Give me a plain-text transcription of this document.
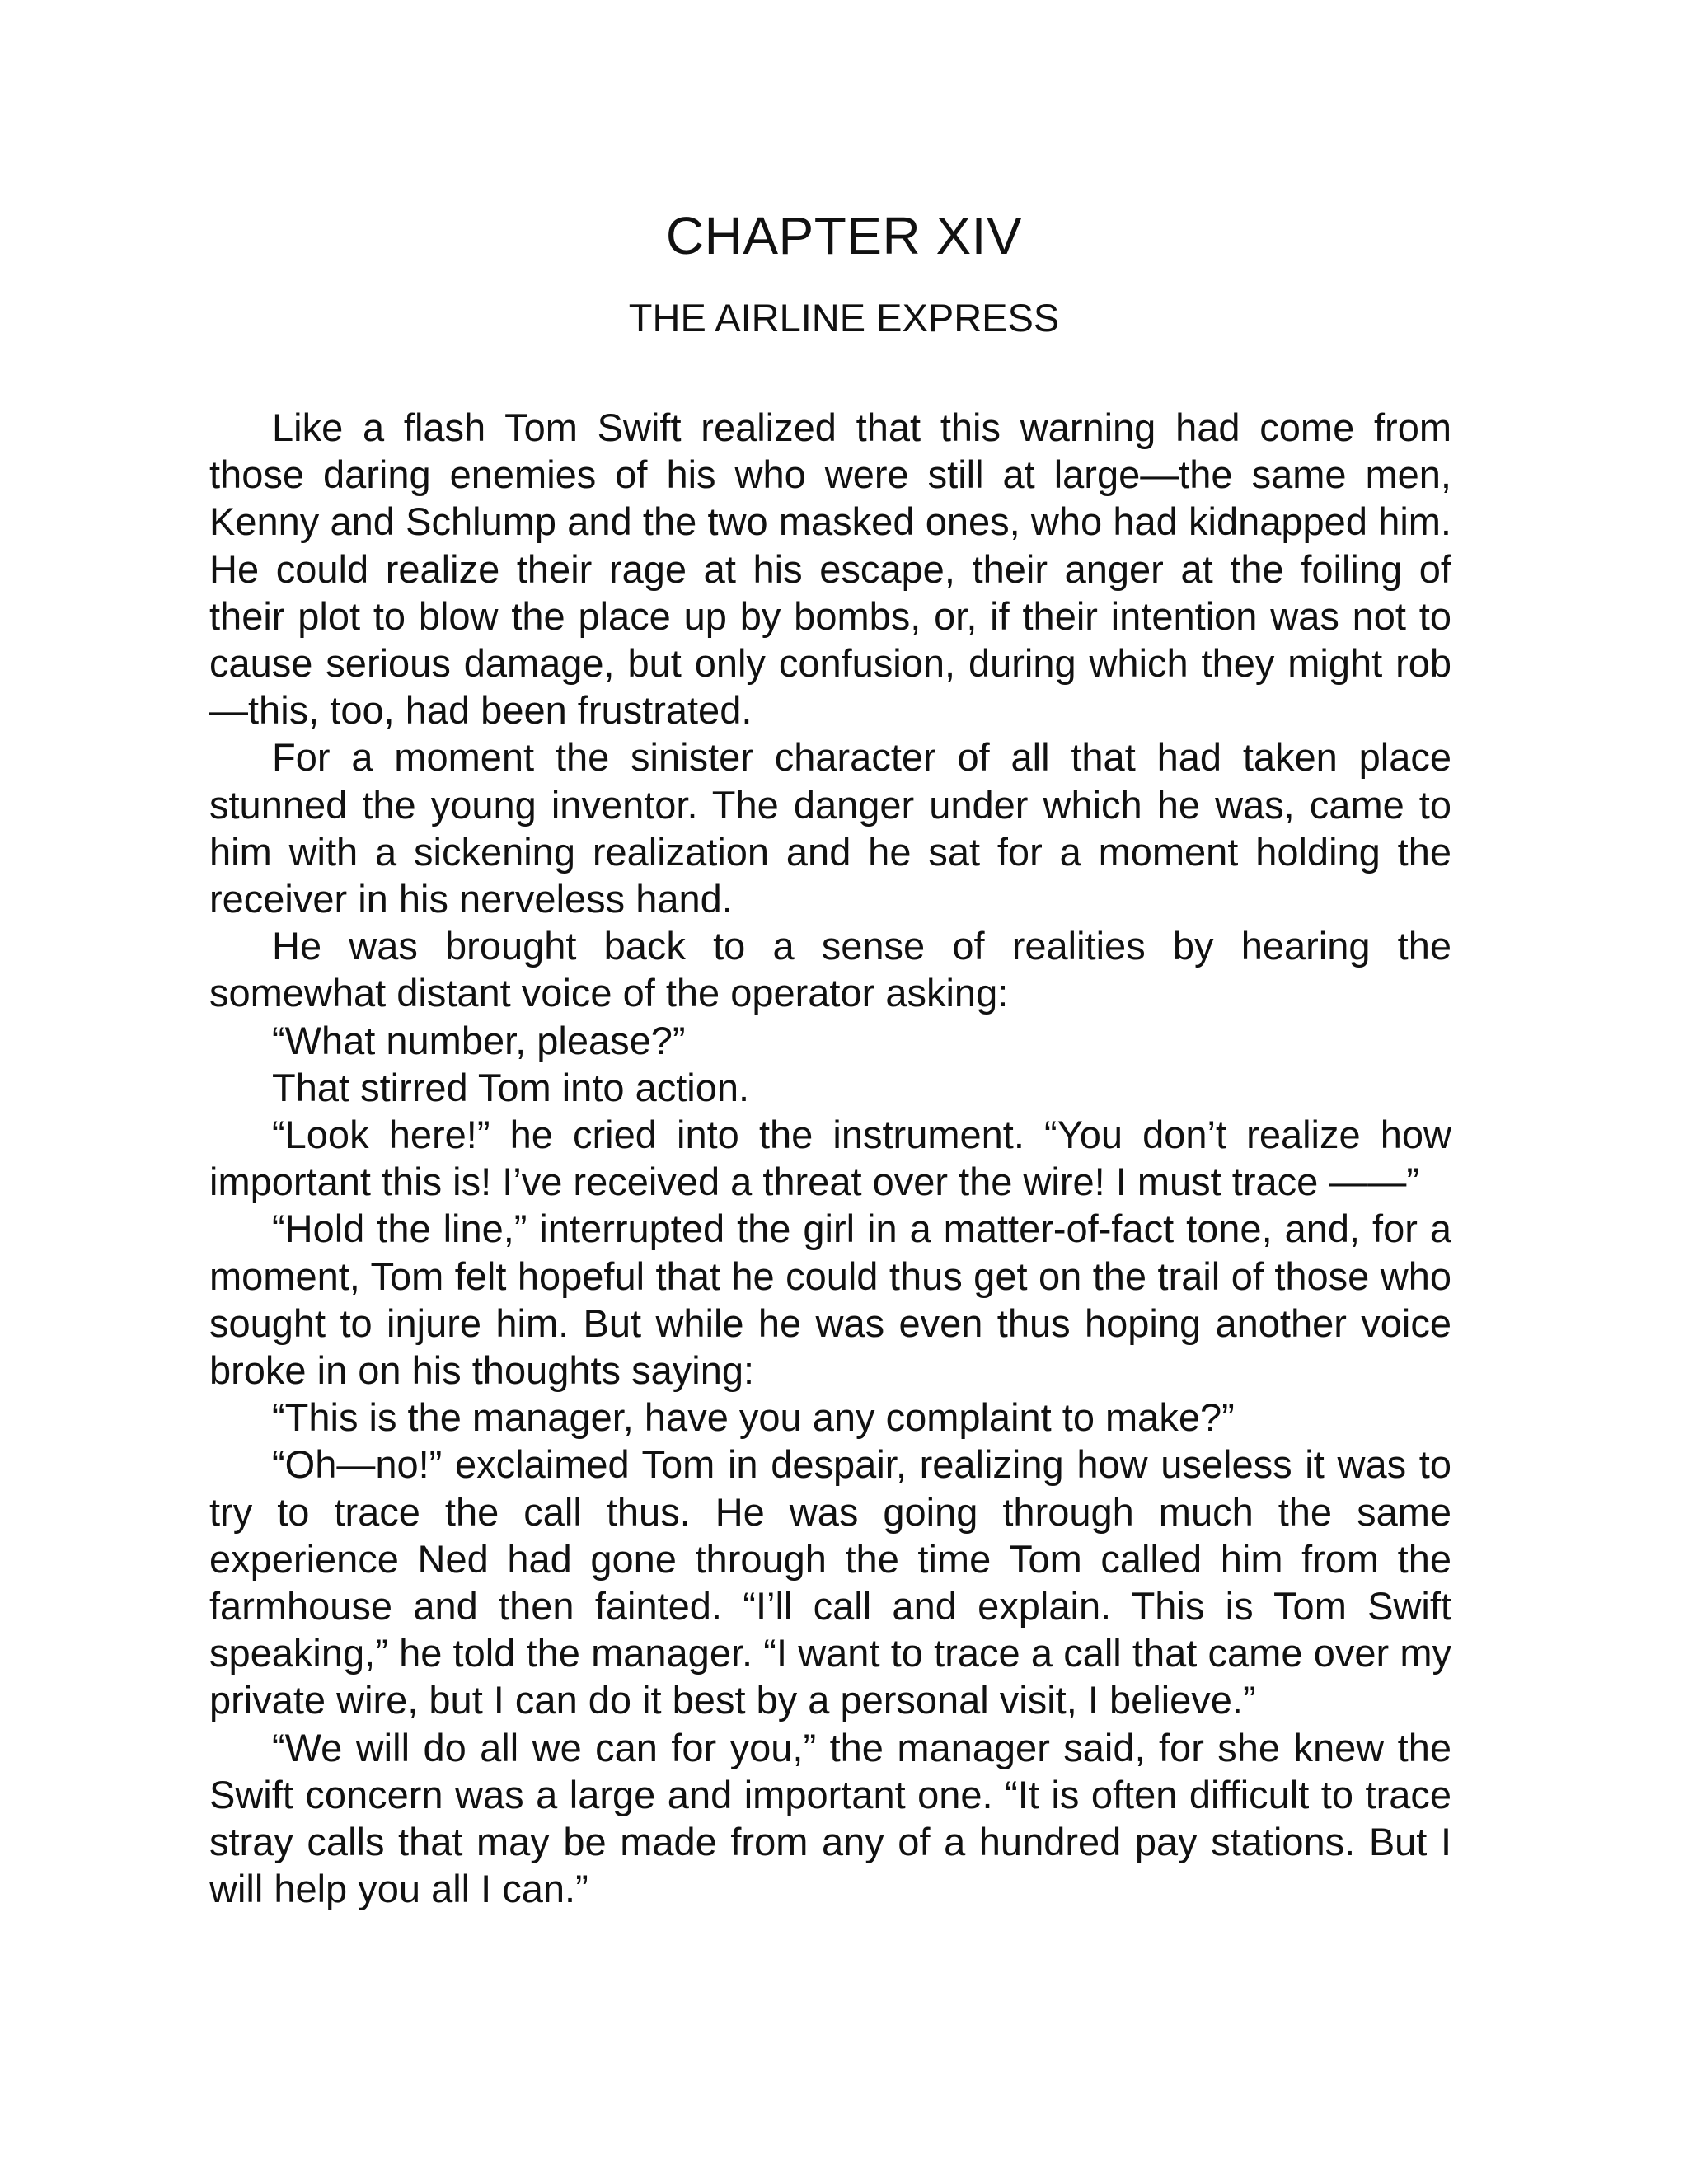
CHAPTER XIV
THE AIRLINE EXPRESS

Like a flash Tom Swift realized that this warning had come from those daring enemies of his who were still at large—the same men, Kenny and Schlump and the two masked ones, who had kidnapped him. He could realize their rage at his escape, their anger at the foiling of their plot to blow the place up by bombs, or, if their intention was not to cause serious damage, but only confusion, during which they might rob—this, too, had been frustrated.

For a moment the sinister character of all that had taken place stunned the young inventor. The danger under which he was, came to him with a sickening realization and he sat for a moment holding the receiver in his nerveless hand.

He was brought back to a sense of realities by hearing the somewhat distant voice of the operator asking:

“What number, please?”

That stirred Tom into action.

“Look here!” he cried into the instrument. “You don’t realize how important this is! I’ve received a threat over the wire! I must trace ——”

“Hold the line,” interrupted the girl in a matter-of-fact tone, and, for a moment, Tom felt hopeful that he could thus get on the trail of those who sought to injure him. But while he was even thus hoping another voice broke in on his thoughts saying:

“This is the manager, have you any complaint to make?”

“Oh—no!” exclaimed Tom in despair, realizing how useless it was to try to trace the call thus. He was going through much the same experience Ned had gone through the time Tom called him from the farmhouse and then fainted. “I’ll call and explain. This is Tom Swift speaking,” he told the manager. “I want to trace a call that came over my private wire, but I can do it best by a personal visit, I believe.”

“We will do all we can for you,” the manager said, for she knew the Swift concern was a large and important one. “It is often difficult to trace stray calls that may be made from any of a hundred pay stations. But I will help you all I can.”
